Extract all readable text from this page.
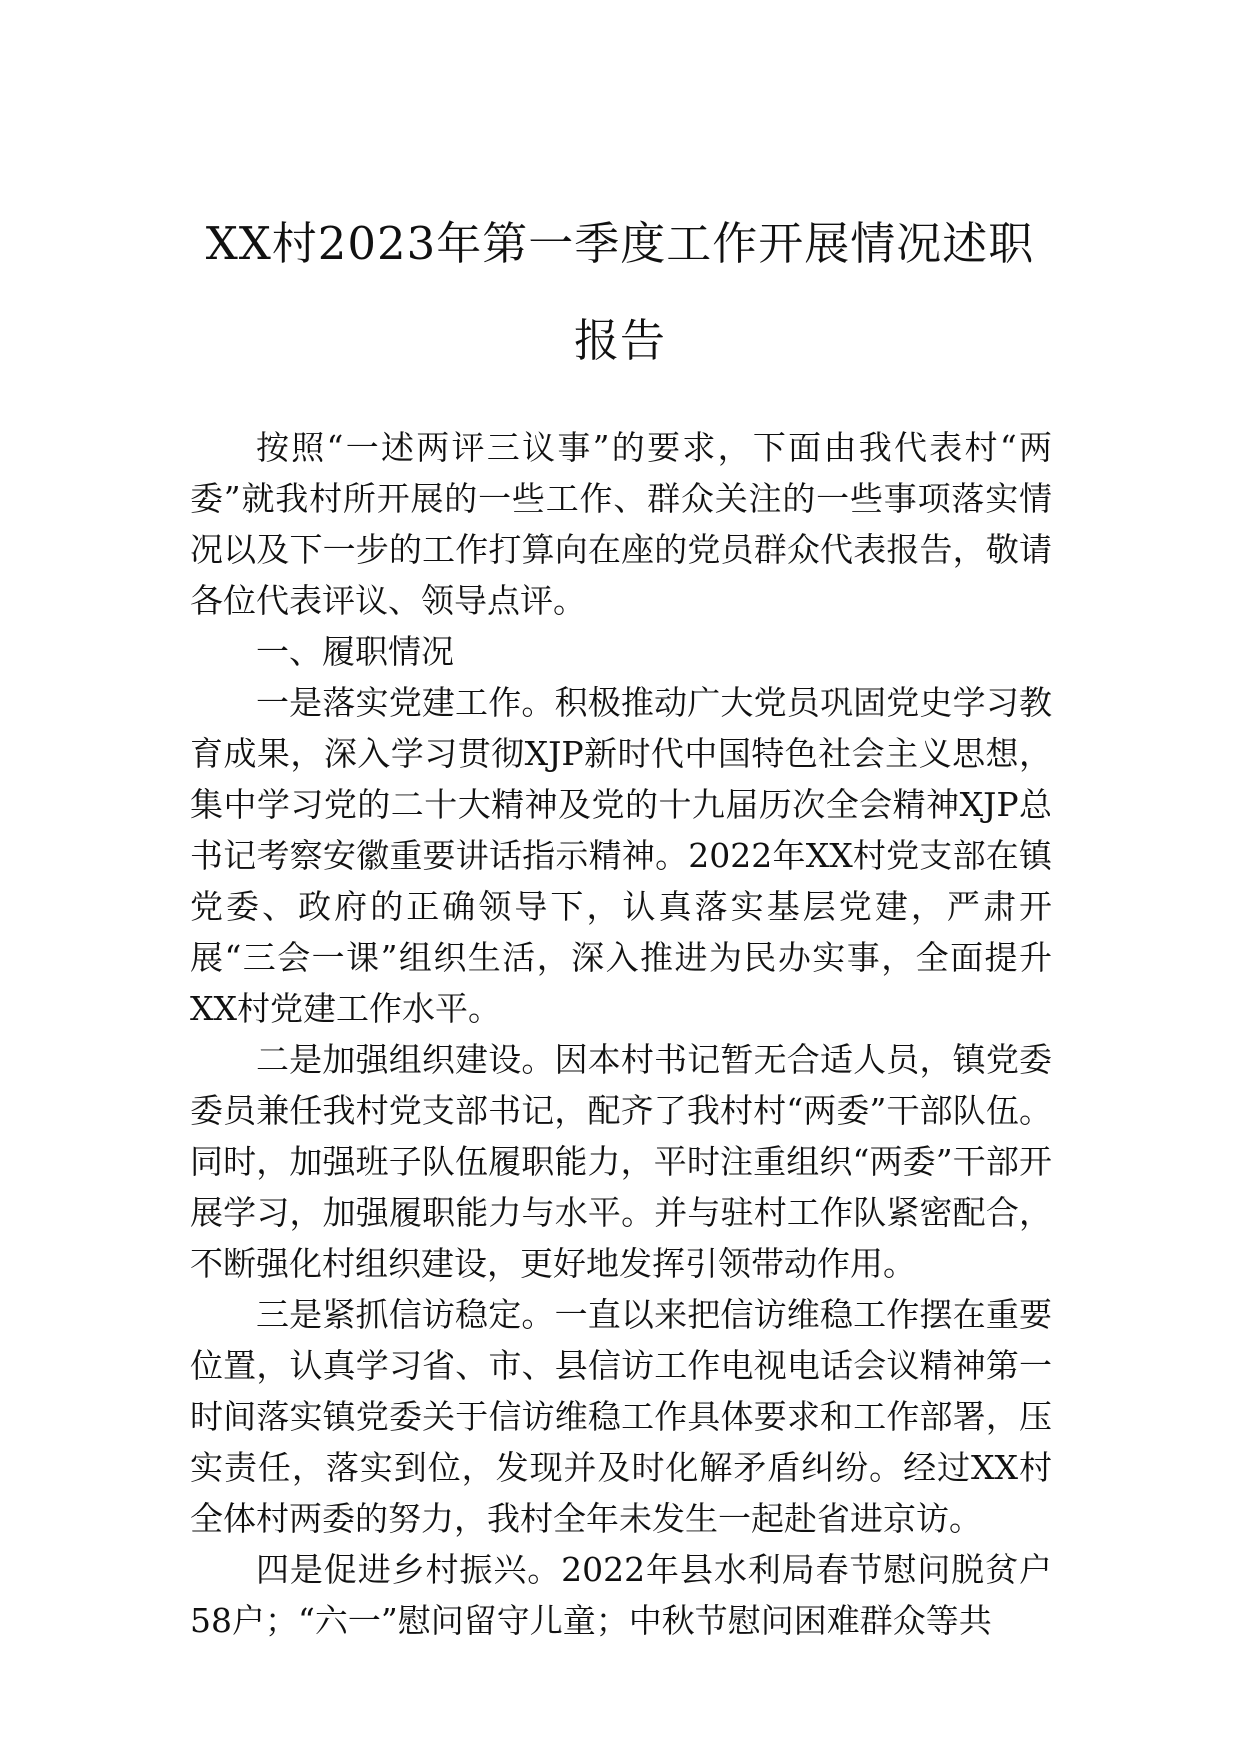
XX村2023年第一季度工作开展情况述职
报告

按照“一述两评三议事”的要求，下面由我代表村“两委”就我村所开展的一些工作、群众关注的一些事项落实情况以及下一步的工作打算向在座的党员群众代表报告，敬请各位代表评议、领导点评。

一、履职情况

一是落实党建工作。积极推动广大党员巩固党史学习教育成果，深入学习贯彻XJP新时代中国特色社会主义思想，集中学习党的二十大精神及党的十九届历次全会精神XJP总书记考察安徽重要讲话指示精神。2022年XX村党支部在镇党委、政府的正确领导下，认真落实基层党建，严肃开展“三会一课”组织生活，深入推进为民办实事，全面提升XX村党建工作水平。

二是加强组织建设。因本村书记暂无合适人员，镇党委委员兼任我村党支部书记，配齐了我村村“两委”干部队伍。同时，加强班子队伍履职能力，平时注重组织“两委”干部开展学习，加强履职能力与水平。并与驻村工作队紧密配合，不断强化村组织建设，更好地发挥引领带动作用。

三是紧抓信访稳定。一直以来把信访维稳工作摆在重要位置，认真学习省、市、县信访工作电视电话会议精神第一时间落实镇党委关于信访维稳工作具体要求和工作部署，压实责任，落实到位，发现并及时化解矛盾纠纷。经过XX村全体村两委的努力，我村全年未发生一起赴省进京访。

四是促进乡村振兴。2022年县水利局春节慰问脱贫户58户；“六一”慰问留守儿童；中秋节慰问困难群众等共
